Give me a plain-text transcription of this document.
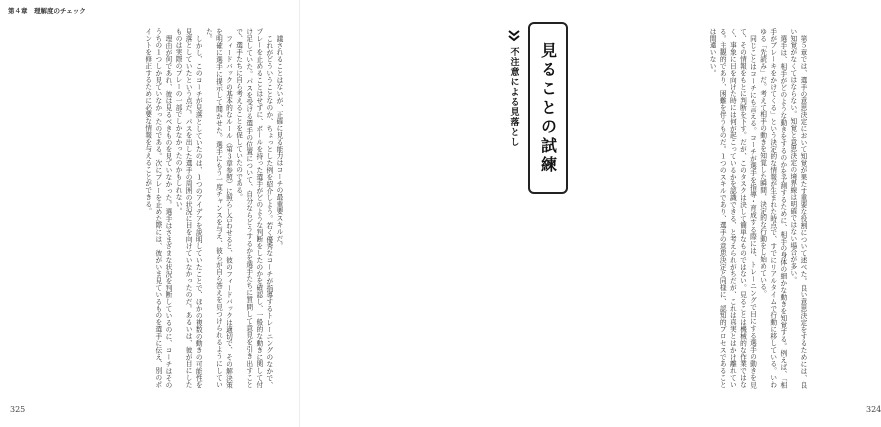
第４章　理解度のチェック

議されることはないが、正確に見る能力はコーチの最重要スキルだ。

これがどういうことなのか、ちょっとした例を紹介しよう。若く優秀なコーチが指導するトレーニングのなかで、プレーを止めることはせずに、ボールを持った選手がどのような判断をしたのかを確認し、一般的な動きに関して付け足していた。パスを受ける選手の位置について、自分ならどうするかを選手たちに質問して意見を引き出すことで、選手たちに自ら考えることを促していたのである。

フィードバックの基本的なルール（第３章参照）に照らし合わせると、彼のフィードバックは適切で、その解決策を明確に選手に提示して聞かせた。選手にもう一度チャンスを与え、彼らが自ら答えを見つけられるようにしていた。

しかし、このコーチが見落としていたのは、１つのアイデアを説明していたことで、ほかの複数の動きの可能性を見落としていたという点だ。パスを出した選手の周囲の状況に目を向けていなかったのだ。あるいは、彼が目にしたものは実際のプレーの一部でしかなかったのかもしれない。

理由が何であれ、彼は見るべきものを見ていなかった。選手はさまざまな状況を判断しているのに、コーチはそのうちの１つしか見ていなかったのである。次にプレーを止めた際には、彼がいま見ているものを選手に伝え、別のポイントを修正するために必要な情報を与えることができる。

325

第５章では、選手の意思決定において知覚が果たす重要な役割について述べた。良い意思決定をするためには、良い知覚がなくてはならない。知覚と意思決定の境界線は明確ではない場合が多い。

選手は、相手がどのような動きをするのかを予測するために、相手の身体の細かな動きを知覚する。例えば、「相手がブレーキをかけてくる」という決定的な情報が生まれた時点で、すでにリアルタイムで行動に移している。いわゆる「先読み」だ。考えて相手の動きを知覚した瞬間、決定的な行動をし始めている。

同じことはコーチにも言える。コーチが選手を指導・育成する際には、トレーニングで目にする選手の動きを見て、その情報をもとに判断を下す。だが、このタスクは決して簡単なものではない。見ることは機械的な作業ではなく、事象に目を向けた時には何が起こっているかを認識できる、と考えられがちだが、これは真実とはかけ離れている。主観的であり、困難を伴うものだ。１つのスキルであり、選手の意思決定と同様に、認知的プロセスであることは間違いない。

324
見ることの試練
不注意による見落とし
